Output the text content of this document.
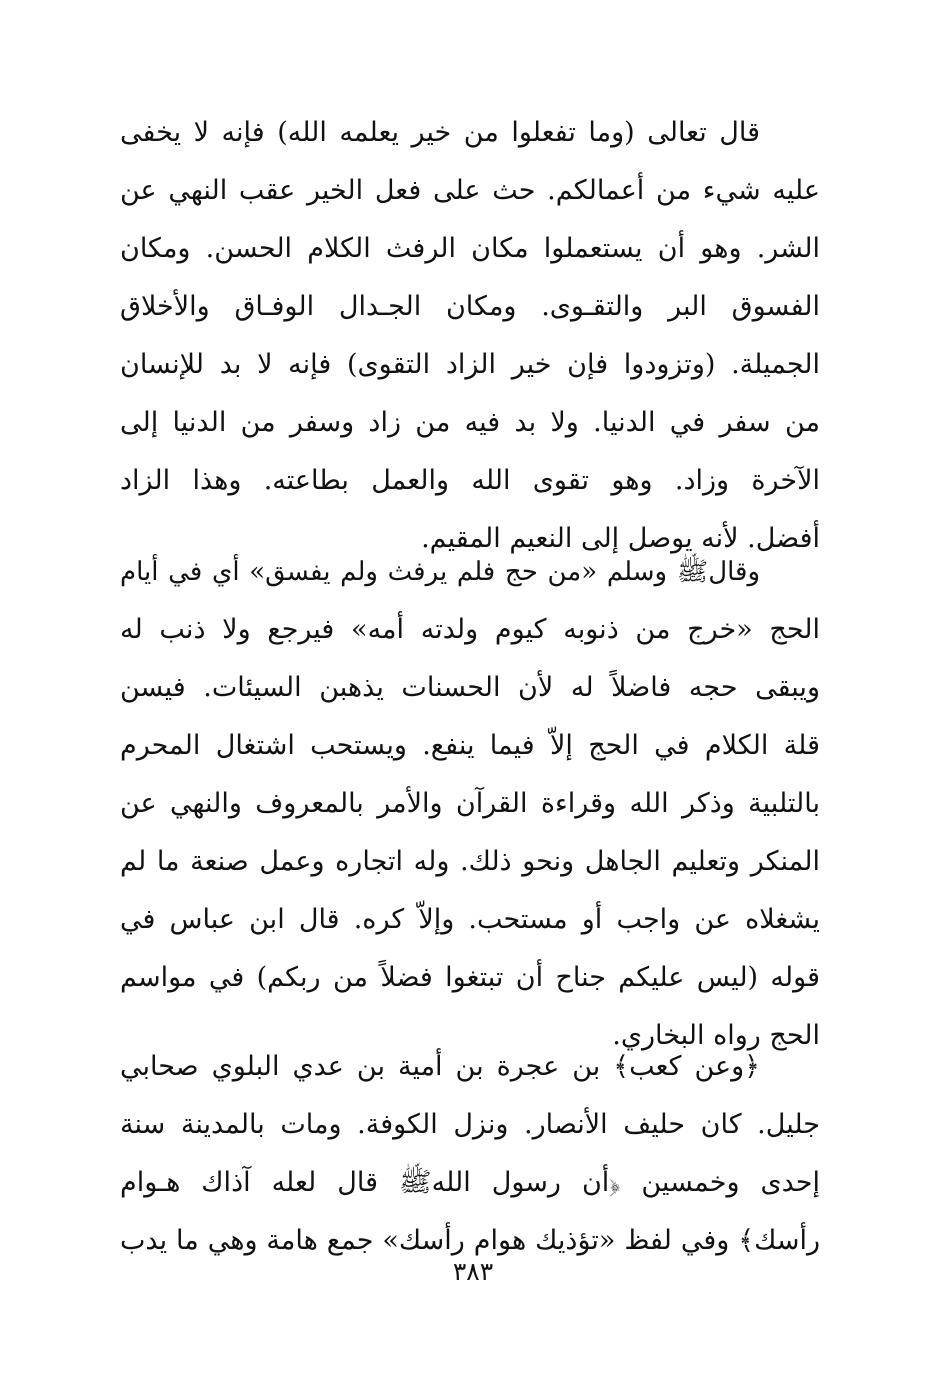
قال تعالى (وما تفعلوا من خير يعلمه الله) فإنه لا يخفى
عليه شيء من أعمالكم. حث على فعل الخير عقب النهي عن
الشر. وهو أن يستعملوا مكان الرفث الكلام الحسن. ومكان
الفسوق البر والتقـوى. ومكان الجـدال الوفـاق والأخلاق
الجميلة. (وتزودوا فإن خير الزاد التقوى) فإنه لا بد للإنسان
من سفر في الدنيا. ولا بد فيه من زاد وسفر من الدنيا إلى
الآخرة وزاد. وهو تقوى الله والعمل بطاعته. وهذا الزاد
أفضل. لأنه يوصل إلى النعيم المقيم.
وقالﷺ وسلم «من حج فلم يرفث ولم يفسق» أي في أيام
الحج «خرج من ذنوبه كيوم ولدته أمه» فيرجع ولا ذنب له
ويبقى حجه فاضلاً له لأن الحسنات يذهبن السيئات. فيسن
قلة الكلام في الحج إلاّ فيما ينفع. ويستحب اشتغال المحرم
بالتلبية وذكر الله وقراءة القرآن والأمر بالمعروف والنهي عن
المنكر وتعليم الجاهل ونحو ذلك. وله اتجاره وعمل صنعة ما لم
يشغلاه عن واجب أو مستحب. وإلاّ كره. قال ابن عباس في
قوله (ليس عليكم جناح أن تبتغوا فضلاً من ربكم) في مواسم
الحج رواه البخاري.
﴿وعن كعب﴾ بن عجرة بن أمية بن عدي البلوي صحابي
جليل. كان حليف الأنصار. ونزل الكوفة. ومات بالمدينة سنة
إحدى وخمسين ﴿أن رسول اللهﷺ قال لعله آذاك هـوام
رأسك﴾ وفي لفظ «تؤذيك هوام رأسك» جمع هامة وهي ما يدب
٣٨٣
